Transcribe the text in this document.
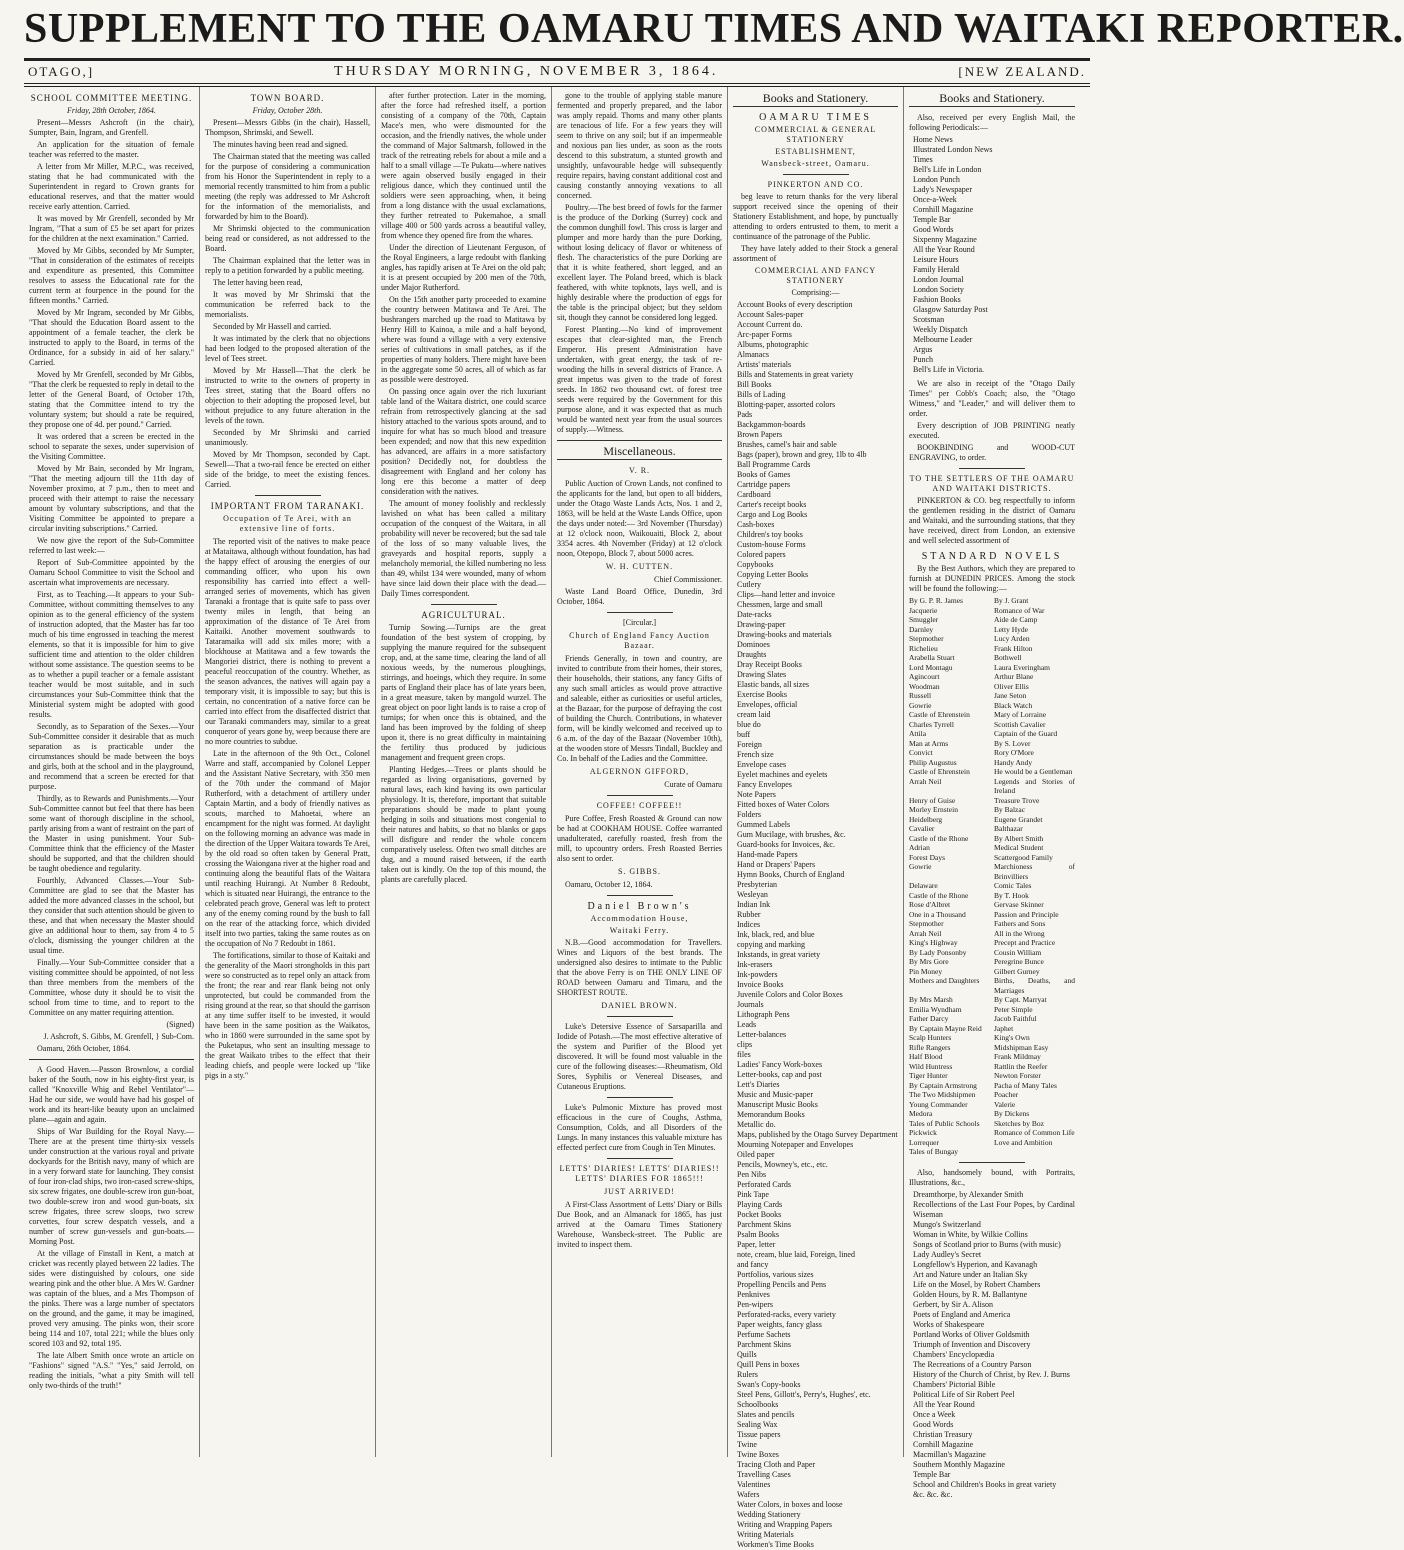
SUPPLEMENT TO THE OAMARU TIMES AND WAITAKI REPORTER.
OTAGO,]	THURSDAY MORNING, NOVEMBER 3, 1864.	[NEW ZEALAND.
SCHOOL COMMITTEE MEETING.
Friday, 28th October, 1864.

Present—Messrs Ashcroft (in the chair), Sumpter, Bain, Ingram, and Grenfell.

An application for the situation of female teacher was referred to the master.

A letter from Mr Miller, M.P.C., was received, stating that he had communicated with the Superintendent in regard to Crown grants for educational reserves, and that the matter would receive early attention. Carried.

It was moved by Mr Grenfell, seconded by Mr Ingram, "That a sum of £5 be set apart for prizes for the children at the next examination." Carried.

Moved by Mr Gibbs, seconded by Mr Sumpter, "That in consideration of the estimates of receipts and expenditure as presented, this Committee resolves to assess the Educational rate for the current term at fourpence in the pound for the fifteen months." Carried.

Moved by Mr Ingram, seconded by Mr Gibbs, "That should the Education Board assent to the appointment of a female teacher, the clerk be instructed to apply to the Board, in terms of the Ordinance, for a subsidy in aid of her salary." Carried.

Moved by Mr Grenfell, seconded by Mr Gibbs, "That the clerk be requested to reply in detail to the letter of the General Board, of October 17th, stating that the Committee intend to try the voluntary system; but should a rate be required, they propose one of 4d. per pound." Carried.

It was ordered that a screen be erected in the school to separate the sexes, under supervision of the Visiting Committee.

Moved by Mr Bain, seconded by Mr Ingram, "That the meeting adjourn till the 11th day of November proximo, at 7 p.m., then to meet and proceed with their attempt to raise the necessary amount by voluntary subscriptions, and that the Visiting Committee be appointed to prepare a circular inviting subscriptions." Carried.

We now give the report of the Sub-Committee referred to last week:—

Report of Sub-Committee appointed by the Oamaru School Committee to visit the School and ascertain what improvements are necessary.

First, as to Teaching.—It appears to your Sub-Committee, without committing themselves to any opinion as to the general efficiency of the system of instruction adopted, that the Master has far too much of his time engrossed in teaching the merest elements, so that it is impossible for him to give sufficient time and attention to the older children without some assistance. The question seems to be as to whether a pupil teacher or a female assistant teacher would be most suitable, and in such circumstances your Sub-Committee think that the Ministerial system might be adopted with good results.

Secondly, as to Separation of the Sexes.—Your Sub-Committee consider it desirable that as much separation as is practicable under the circumstances should be made between the boys and girls, both at the school and in the playground, and recommend that a screen be erected for that purpose.

Thirdly, as to Rewards and Punishments.—Your Sub-Committee cannot but feel that there has been some want of thorough discipline in the school, partly arising from a want of restraint on the part of the Master in using punishment. Your Sub-Committee think that the efficiency of the Master should be supported, and that the children should be taught obedience and regularity.

Fourthly, Advanced Classes.—Your Sub-Committee are glad to see that the Master has added the more advanced classes in the school, but they consider that such attention should be given to these, and that when necessary the Master should give an additional hour to them, say from 4 to 5 o'clock, dismissing the younger children at the usual time.

Finally.—Your Sub-Committee consider that a visiting committee should be appointed, of not less than three members from the members of the Committee, whose duty it should be to visit the school from time to time, and to report to the Committee on any matter requiring attention.

(Signed)
J. Ashcroft, S. Gibbs, M. Grenfell, } Sub-Com.
Oamaru, 26th October, 1864.

A Good Haven.—Passon Brownlow, a cordial baker of the South, now in his eighty-first year, is called "Knoxville Whig and Rebel Ventilator"—Had he our side, we would have had his gospel of work and its heart-like beauty upon an unclaimed plane—again and again.

Ships of War Building for the Royal Navy.—There are at the present time thirty-six vessels under construction at the various royal and private dockyards for the British navy, many of which are in a very forward state for launching. They consist of four iron-clad ships, two iron-cased screw-ships, six screw frigates, one double-screw iron gun-boat, two double-screw iron and wood gun-boats, six screw frigates, three screw sloops, two screw corvettes, four screw despatch vessels, and a number of screw gun-vessels and gun-boats.—Morning Post.

At the village of Finstall in Kent, a match at cricket was recently played between 22 ladies. The sides were distinguished by colours, one side wearing pink and the other blue. A Mrs W. Gardner was captain of the blues, and a Mrs Thompson of the pinks. There was a large number of spectators on the ground, and the game, it may be imagined, proved very amusing. The pinks won, their score being 114 and 107, total 221; while the blues only scored 103 and 92, total 195.

The late Albert Smith once wrote an article on "Fashions" signed "A.S." "Yes," said Jerrold, on reading the initials, "what a pity Smith will tell only two-thirds of the truth!"

TOWN BOARD.
Friday, October 28th.

Present—Messrs Gibbs (in the chair), Hassell, Thompson, Shrimski, and Sewell.

The minutes having been read and signed.

The Chairman stated that the meeting was called for the purpose of considering a communication from his Honor the Superintendent in reply to a memorial recently transmitted to him from a public meeting (the reply was addressed to Mr Ashcroft for the information of the memorialists, and forwarded by him to the Board).

Mr Shrimski objected to the communication being read or considered, as not addressed to the Board.

The Chairman explained that the letter was in reply to a petition forwarded by a public meeting.

The letter having been read,

It was moved by Mr Shrimski that the communication be referred back to the memorialists.

Seconded by Mr Hassell and carried.

It was intimated by the clerk that no objections had been lodged to the proposed alteration of the level of Tees street.

Moved by Mr Hassell—That the clerk be instructed to write to the owners of property in Tees street, stating that the Board offers no objection to their adopting the proposed level, but without prejudice to any future alteration in the levels of the town.

Seconded by Mr Shrimski and carried unanimously.

Moved by Mr Thompson, seconded by Capt. Sewell—That a two-rail fence be erected on either side of the bridge, to meet the existing fences. Carried.

IMPORTANT FROM TARANAKI.
Occupation of Te Arei, with an extensive line of forts.

The reported visit of the natives to make peace at Mataitawa, although without foundation, has had the happy effect of arousing the energies of our commanding officer, who upon his own responsibility has carried into effect a well-arranged series of movements, which has given Taranaki a frontage that is quite safe to pass over twenty miles in length, that being an approximation of the distance of Te Arei from Kaitaiki. Another movement southwards to Tataramaika will add six miles more; with a blockhouse at Matitawa and a few towards the Mangoriei district, there is nothing to prevent a peaceful reoccupation of the country. Whether, as the season advances, the natives will again pay a temporary visit, it is impossible to say; but this is certain, no concentration of a native force can be carried into effect from the disaffected district that our Taranaki commanders may, similar to a great conqueror of years gone by, weep because there are no more countries to subdue.

Late in the afternoon of the 9th Oct., Colonel Warre and staff, accompanied by Colonel Lepper and the Assistant Native Secretary, with 350 men of the 70th under the command of Major Rutherford, with a detachment of artillery under Captain Martin, and a body of friendly natives as scouts, marched to Mahoetai, where an encampment for the night was formed. At daylight on the following morning an advance was made in the direction of the Upper Waitara towards Te Arei, by the old road so often taken by General Pratt, crossing the Waiongana river at the higher road and continuing along the beautiful flats of the Waitara until reaching Huirangi. At Number 8 Redoubt, which is situated near Huirangi, the entrance to the celebrated peach grove, General was left to protect any of the enemy coming round by the bush to fall on the rear of the attacking force, which divided itself into two parties, taking the same routes as on the occupation of No 7 Redoubt in 1861.

The fortifications, similar to those of Kaitaki and the generality of the Maori strongholds in this part were so constructed as to repel only an attack from the front; the rear and rear flank being not only unprotected, but could be commanded from the rising ground at the rear, so that should the garrison at any time suffer itself to be invested, it would have been in the same position as the Waikatos, who in 1860 were surrounded in the same spot by the Puketapus, who sent an insulting message to the great Waikato tribes to the effect that their leading chiefs, and people were locked up "like pigs in a sty."

after further protection. Later in the morning, after the force had refreshed itself, a portion consisting of a company of the 70th, Captain Mace's men, who were dismounted for the occasion, and the friendly natives, the whole under the command of Major Saltmarsh, followed in the track of the retreating rebels for about a mile and a half to a small village —Te Pukatu—where natives were again observed busily engaged in their religious dance, which they continued until the soldiers were seen approaching, when, it being from a long distance with the usual exclamations, they further retreated to Pukemahoe, a small village 400 or 500 yards across a beautiful valley, from whence they opened fire from the whares.

Under the direction of Lieutenant Ferguson, of the Royal Engineers, a large redoubt with flanking angles, has rapidly arisen at Te Arei on the old pah; it is at present occupied by 200 men of the 70th, under Major Rutherford.

On the 15th another party proceeded to examine the country between Matitawa and Te Arei. The bushrangers marched up the road to Matitawa by Henry Hill to Kainoa, a mile and a half beyond, where was found a village with a very extensive series of cultivations in small patches, as if the properties of many holders. There might have been in the aggregate some 50 acres, all of which as far as possible were destroyed.

On passing once again over the rich luxuriant table land of the Waitara district, one could scarce refrain from retrospectively glancing at the sad history attached to the various spots around, and to inquire for what has so much blood and treasure been expended; and now that this new expedition has advanced, are affairs in a more satisfactory position? Decidedly not, for doubtless the disagreement with England and her colony has long ere this become a matter of deep consideration with the natives.

The amount of money foolishly and recklessly lavished on what has been called a military occupation of the conquest of the Waitara, in all probability will never be recovered; but the sad tale of the loss of so many valuable lives, the graveyards and hospital reports, supply a melancholy memorial, the killed numbering no less than 49, whilst 134 were wounded, many of whom have since laid down their place with the dead.—Daily Times correspondent.

AGRICULTURAL.

Turnip Sowing.—Turnips are the great foundation of the best system of cropping, by supplying the manure required for the subsequent crop, and, at the same time, clearing the land of all noxious weeds, by the numerous ploughings, stirrings, and hoeings, which they require. In some parts of England their place has of late years been, in a great measure, taken by mangold wurzel. The great object on poor light lands is to raise a crop of turnips; for when once this is obtained, and the land has been improved by the folding of sheep upon it, there is no great difficulty in maintaining the fertility thus produced by judicious management and frequent green crops.

Planting Hedges.—Trees or plants should be regarded as living organisations, governed by natural laws, each kind having its own particular physiology. It is, therefore, important that suitable preparations should be made to plant young hedging in soils and situations most congenial to their natures and habits, so that no blanks or gaps will disfigure and render the whole concern comparatively useless. Often two small ditches are dug, and a mound raised between, if the earth taken out is kindly. On the top of this mound, the plants are carefully placed.

gone to the trouble of applying stable manure fermented and properly prepared, and the labor was amply repaid. Thorns and many other plants are tenacious of life. For a few years they will seem to thrive on any soil; but if an impermeable and noxious pan lies under, as soon as the roots descend to this substratum, a stunted growth and unsightly, unfavourable hedge will subsequently require repairs, having constant additional cost and causing constantly annoying vexations to all concerned.

Poultry.—The best breed of fowls for the farmer is the produce of the Dorking (Surrey) cock and the common dunghill fowl. This cross is larger and plumper and more hardy than the pure Dorking, without losing delicacy of flavor or whiteness of flesh. The characteristics of the pure Dorking are that it is white feathered, short legged, and an excellent layer. The Poland breed, which is black feathered, with white topknots, lays well, and is highly desirable where the production of eggs for the table is the principal object; but they seldom sit, though they cannot be considered long legged.

Forest Planting.—No kind of improvement escapes that clear-sighted man, the French Emperor. His present Administration have undertaken, with great energy, the task of re-wooding the hills in several districts of France. A great impetus was given to the trade of forest seeds. In 1862 two thousand cwt. of forest tree seeds were required by the Government for this purpose alone, and it was expected that as much would be wanted next year from the usual sources of supply.—Witness.

Miscellaneous.
V. R.
Public Auction of Crown Lands, not confined to the applicants for the land, but open to all bidders, under the Otago Waste Lands Acts, Nos. 1 and 2, 1863, will be held at the Waste Lands Office, upon the days under noted:— 3rd November (Thursday) at 12 o'clock noon, Waikouaiti, Block 2, about 3354 acres. 4th November (Friday) at 12 o'clock noon, Otepopo, Block 7, about 5000 acres.
W. H. CUTTEN.
Chief Commissioner.
Waste Land Board Office, Dunedin, 3rd October, 1864.
[Circular.]
Church of England Fancy Auction Bazaar.
Friends Generally, in town and country, are invited to contribute from their homes, their stores, their households, their stations, any fancy Gifts of any such small articles as would prove attractive and saleable, either as curiosities or useful articles, at the Bazaar, for the purpose of defraying the cost of building the Church. Contributions, in whatever form, will be kindly welcomed and received up to 6 a.m. of the day of the Bazaar (November 10th), at the wooden store of Messrs Tindall, Buckley and Co. In behalf of the Ladies and the Committee.
ALGERNON GIFFORD,
Curate of Oamaru
COFFEE! COFFEE!!
Pure Coffee, Fresh Roasted & Ground can now be had at COOKHAM HOUSE. Coffee warranted unadulterated, carefully roasted, fresh from the mill, to upcountry orders. Fresh Roasted Berries also sent to order.
S. GIBBS.
Oamaru, October 12, 1864.
Daniel Brown's
Accommodation House,
Waitaki Ferry.
N.B.—Good accommodation for Travellers. Wines and Liquors of the best brands. The undersigned also desires to intimate to the Public that the above Ferry is on THE ONLY LINE OF ROAD between Oamaru and Timaru, and the SHORTEST ROUTE.
DANIEL BROWN.
Luke's Detersive Essence of Sarsaparilla and Iodide of Potash.—The most effective alterative of the system and Purifier of the Blood yet discovered. It will be found most valuable in the cure of the following diseases:—Rheumatism, Old Sores, Syphilis or Venereal Diseases, and Cutaneous Eruptions.
Luke's Pulmonic Mixture has proved most efficacious in the cure of Coughs, Asthma, Consumption, Colds, and all Disorders of the Lungs. In many instances this valuable mixture has effected perfect cure from Cough in Ten Minutes.
LETTS' DIARIES! LETTS' DIARIES!! LETTS' DIARIES FOR 1865!!!
JUST ARRIVED!
A First-Class Assortment of Letts' Diary or Bills Due Book, and an Almanack for 1865, has just arrived at the Oamaru Times Stationery Warehouse, Wansbeck-street. The Public are invited to inspect them.
Books and Stationery.
OAMARU TIMES
COMMERCIAL & GENERAL STATIONERY
ESTABLISHMENT,
Wansbeck-street, Oamaru.
PINKERTON AND CO.
beg leave to return thanks for the very liberal support received since the opening of their Stationery Establishment, and hope, by punctually attending to orders entrusted to them, to merit a continuance of the patronage of the Public.
They have lately added to their Stock a general assortment of
COMMERCIAL AND FANCY STATIONERY
Comprising:—
Account Books of every description
Account Sales-paper
Account Current do.
Arc-paper Forms
Albums, photographic
Almanacs
Artists' materials
Bills and Statements in great variety
Bill Books
Bills of Lading
Blotting-paper, assorted colors
Pads
Backgammon-boards
Brown Papers
Brushes, camel's hair and sable
Bags (paper), brown and grey, 1lb to 4lb
Ball Programme Cards
Books of Games
Cartridge papers
Cardboard
Carter's receipt books
Cargo and Log Books
Cash-boxes
Children's toy books
Custom-house Forms
Colored papers
Copybooks
Copying Letter Books
Cutlery
Clips—hand letter and invoice
Chessmen, large and small
Date-racks
Drawing-paper
Drawing-books and materials
Dominoes
Draughts
Dray Receipt Books
Drawing Slates
Elastic bands, all sizes
Exercise Books
Envelopes, official
cream laid
blue do
buff
Foreign
French size
Envelope cases
Eyelet machines and eyelets
Fancy Envelopes
Note Papers
Fitted boxes of Water Colors
Folders
Gummed Labels
Gum Mucilage, with brushes, &c.
Guard-books for Invoices, &c.
Hand-made Papers
Hand or Drapers' Papers
Hymn Books, Church of England
Presbyterian
Wesleyan
Indian Ink
Rubber
Indices
Ink, black, red, and blue
copying and marking
Inkstands, in great variety
Ink-erasers
Ink-powders
Invoice Books
Juvenile Colors and Color Boxes
Journals
Lithograph Pens
Leads
Letter-balances
clips
files
Ladies' Fancy Work-boxes
Letter-books, cap and post
Lett's Diaries
Music and Music-paper
Manuscript Music Books
Memorandum Books
Metallic do.
Maps, published by the Otago Survey Department
Mourning Notepaper and Envelopes
Oiled paper
Pencils, Mowney's, etc., etc.
Pen Nibs
Perforated Cards
Pink Tape
Playing Cards
Pocket Books
Parchment Skins
Psalm Books
Paper, letter
note, cream, blue laid, Foreign, lined
and fancy
Portfolios, various sizes
Propelling Pencils and Pens
Penknives
Pen-wipers
Perforated-racks, every variety
Paper weights, fancy glass
Perfume Sachets
Parchment Skins
Quills
Quill Pens in boxes
Rulers
Swan's Copy-books
Steel Pens, Gillott's, Perry's, Hughes', etc.
Schoolbooks
Slates and pencils
Sealing Wax
Tissue papers
Twine
Twine Boxes
Tracing Cloth and Paper
Travelling Cases
Valentines
Wafers
Water Colors, in boxes and loose
Wedding Stationery
Writing and Wrapping Papers
Writing Materials
Workmen's Time Books
Books and Stationery.
Also, received per every English Mail, the following Periodicals:—
Home News
Illustrated London News
Times
Bell's Life in London
London Punch
Lady's Newspaper
Once-a-Week
Cornhill Magazine
Temple Bar
Good Words
Sixpenny Magazine
All the Year Round
Leisure Hours
Family Herald
London Journal
London Society
Fashion Books
Glasgow Saturday Post
Scotsman
Weekly Dispatch
Melbourne Leader
Argus
Punch
Bell's Life in Victoria.
We are also in receipt of the "Otago Daily Times" per Cobb's Coach; also, the "Otago Witness," and "Leader," and will deliver them to order.
Every description of JOB PRINTING neatly executed.
BOOKBINDING and WOOD-CUT ENGRAVING, to order.
TO THE SETTLERS OF THE OAMARU AND WAITAKI DISTRICTS.
PINKERTON & CO. beg respectfully to inform the gentlemen residing in the district of Oamaru and Waitaki, and the surrounding stations, that they have received, direct from London, an extensive and well selected assortment of
STANDARD NOVELS
By the Best Authors, which they are prepared to furnish at DUNEDIN PRICES. Among the stock will be found the following:—
By G. P. R. James	By J. Grant
Jacquerie	Romance of War
Smuggler	Aide de Camp
Darnley	Letty Hyde
Stepmother	Lucy Arden
Richelieu	Frank Hilton
Arabella Stuart	Bothwell
Lord Montagu	Laura Everingham
Agincourt	Arthur Blane
Woodman	Oliver Ellis
Russell	Jane Seton
Gowrie	Black Watch
Castle of Ehrenstein	Mary of Lorraine
Charles Tyrrell	Scottish Cavalier
Attila	Captain of the Guard
Man at Arms	By S. Lover
Convict	Rory O'More
Philip Augustus	Handy Andy
Castle of Ehrenstein	He would be a Gentleman
Arrah Neil	Legends and Stories of Ireland
Henry of Guise	Treasure Trove
Morley Ernstein	By Balzac
Heidelberg	Eugene Grandet
Cavalier	Balthazar
Castle of the Rhone	By Albert Smith
Adrian	Medical Student
Forest Days	Scattergood Family
Gowrie	Marchioness of Brinvilliers
Delaware	Comic Tales
Castle of the Rhone	By T. Hook
Rose d'Albret	Gervase Skinner
One in a Thousand	Passion and Principle
Stepmother	Fathers and Sons
Arrah Neil	All in the Wrong
King's Highway	Precept and Practice
By Lady Ponsonby	Cousin William
By Mrs Gore	Peregrine Bunce
Pin Money	Gilbert Gurney
Mothers and Daughters	Births, Deaths, and Marriages
By Mrs Marsh	By Capt. Marryat
Emilia Wyndham	Peter Simple
Father Darcy	Jacob Faithful
By Captain Mayne Reid	Japhet
Scalp Hunters	King's Own
Rifle Rangers	Midshipman Easy
Half Blood	Frank Mildmay
Wild Huntress	Rattlin the Reefer
Tiger Hunter	Newton Forster
By Captain Armstrong	Pacha of Many Tales
The Two Midshipmen	Poacher
Young Commander	Valerie
Medora	By Dickens
Tales of Public Schools	Sketches by Boz
Pickwick	Romance of Common Life
Lorrequer	Love and Ambition
Tales of Bungay
Also, handsomely bound, with Portraits, Illustrations, &c.,
Dreamthorpe, by Alexander Smith
Recollections of the Last Four Popes, by Cardinal Wiseman
Mungo's Switzerland
Woman in White, by Wilkie Collins
Songs of Scotland prior to Burns (with music)
Lady Audley's Secret
Longfellow's Hyperion, and Kavanagh
Art and Nature under an Italian Sky
Life on the Mosel, by Robert Chambers
Golden Hours, by R. M. Ballantyne
Gerbert, by Sir A. Alison
Poets of England and America
Works of Shakespeare
Portland Works of Oliver Goldsmith
Triumph of Invention and Discovery
Chambers' Encyclopædia
The Recreations of a Country Parson
History of the Church of Christ, by Rev. J. Burns
Chambers' Pictorial Bible
Political Life of Sir Robert Peel
All the Year Round
Once a Week
Good Words
Christian Treasury
Cornhill Magazine
Macmillan's Magazine
Southern Monthly Magazine
Temple Bar
School and Children's Books in great variety
&c. &c. &c.
